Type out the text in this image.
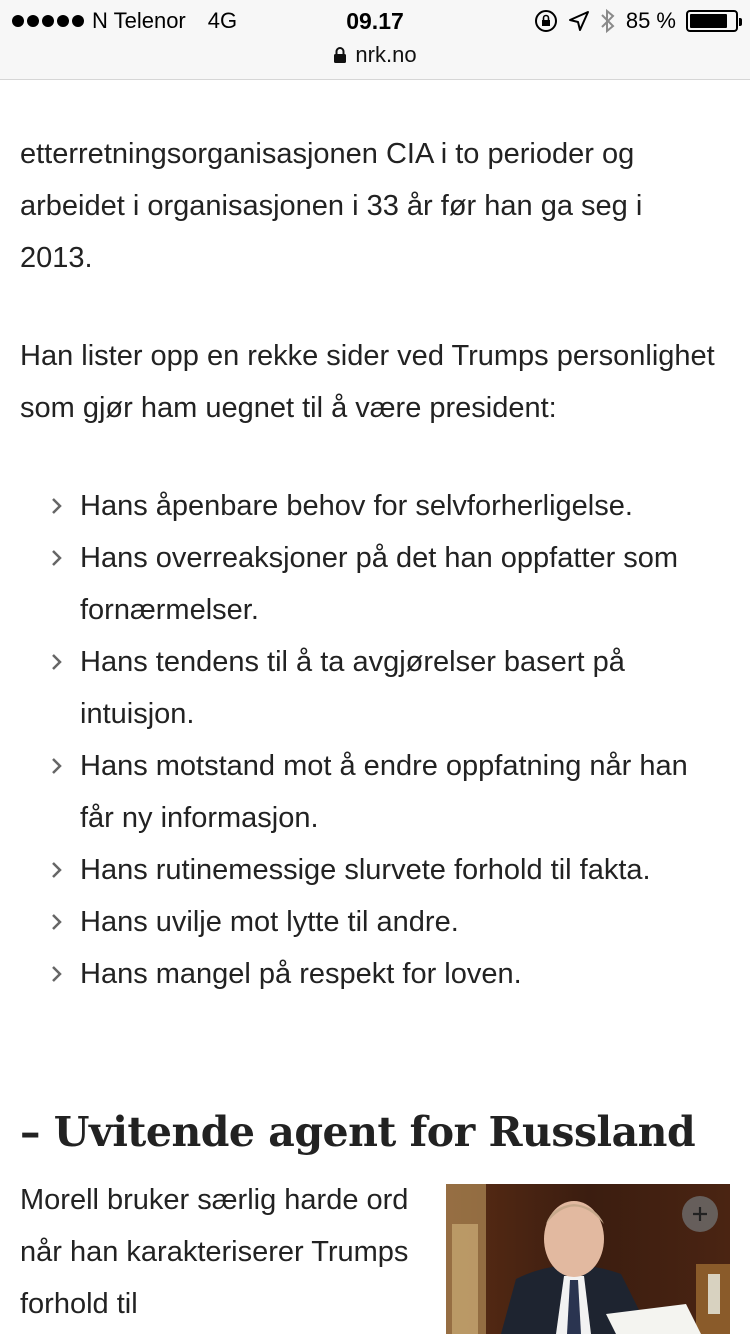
N Telenor 4G	09.17	85 %
nrk.no

etterretningsorganisasjonen CIA i to perioder og arbeidet i organisasjonen i 33 år før han ga seg i 2013.

Han lister opp en rekke sider ved Trumps personlighet som gjør ham uegnet til å være president:

Hans åpenbare behov for selvforherligelse.
Hans overreaksjoner på det han oppfatter som fornærmelser.
Hans tendens til å ta avgjørelser basert på intuisjon.
Hans motstand mot å endre oppfatning når han får ny informasjon.
Hans rutinemessige slurvete forhold til fakta.
Hans uvilje mot lytte til andre.
Hans mangel på respekt for loven.
– Uvitende agent for Russland

Morell bruker særlig harde ord når han karakteriserer Trumps forhold til
